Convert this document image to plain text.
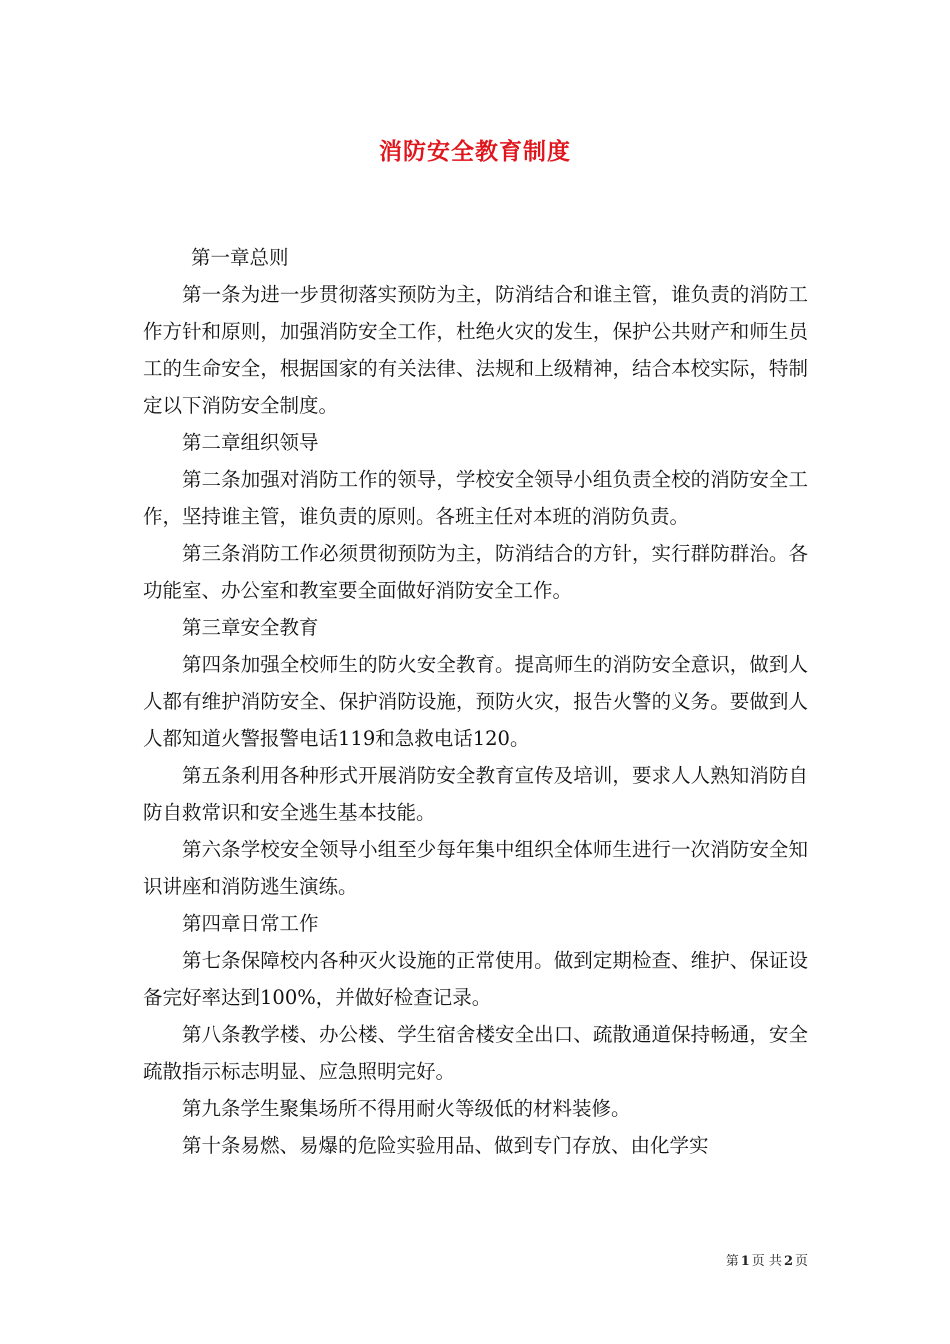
消防安全教育制度

第一章总则

第一条为进一步贯彻落实预防为主，防消结合和谁主管，谁负责的消防工作方针和原则，加强消防安全工作，杜绝火灾的发生，保护公共财产和师生员工的生命安全，根据国家的有关法律、法规和上级精神，结合本校实际，特制定以下消防安全制度。

第二章组织领导

第二条加强对消防工作的领导，学校安全领导小组负责全校的消防安全工作，坚持谁主管，谁负责的原则。各班主任对本班的消防负责。

第三条消防工作必须贯彻预防为主，防消结合的方针，实行群防群治。各功能室、办公室和教室要全面做好消防安全工作。

第三章安全教育

第四条加强全校师生的防火安全教育。提高师生的消防安全意识，做到人人都有维护消防安全、保护消防设施，预防火灾，报告火警的义务。要做到人人都知道火警报警电话119和急救电话120。

第五条利用各种形式开展消防安全教育宣传及培训，要求人人熟知消防自防自救常识和安全逃生基本技能。

第六条学校安全领导小组至少每年集中组织全体师生进行一次消防安全知识讲座和消防逃生演练。

第四章日常工作

第七条保障校内各种灭火设施的正常使用。做到定期检查、维护、保证设备完好率达到100%，并做好检查记录。

第八条教学楼、办公楼、学生宿舍楼安全出口、疏散通道保持畅通，安全疏散指示标志明显、应急照明完好。

第九条学生聚集场所不得用耐火等级低的材料装修。

第十条易燃、易爆的危险实验用品、做到专门存放、由化学实

第 1 页 共 2 页
